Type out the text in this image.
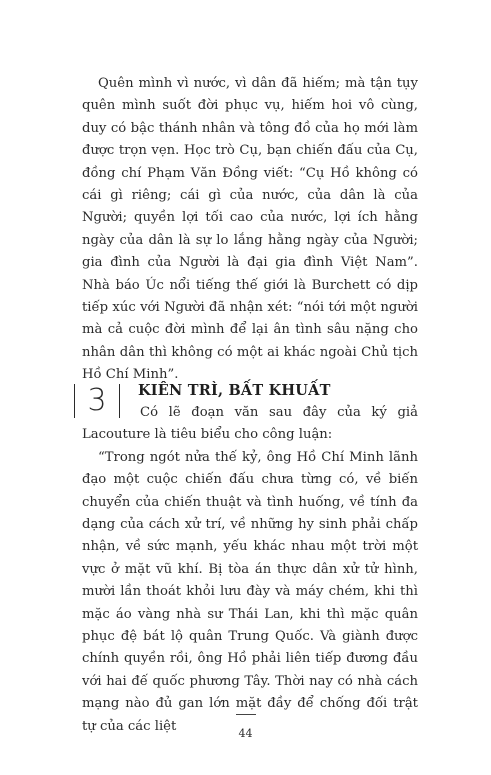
Quên mình vì nước, vì dân đã hiếm; mà tận tụy quên mình suốt đời phục vụ, hiếm hoi vô cùng, duy có bậc thánh nhân và tông đồ của họ mới làm được trọn vẹn. Học trò Cụ, bạn chiến đấu của Cụ, đồng chí Phạm Văn Đồng viết: “Cụ Hồ không có cái gì riêng; cái gì của nước, của dân là của Người; quyền lợi tối cao của nước, lợi ích hằng ngày của dân là sự lo lắng hằng ngày của Người; gia đình của Người là đại gia đình Việt Nam”. Nhà báo Úc nổi tiếng thế giới là Burchett có dịp tiếp xúc với Người đã nhận xét: “nói tới một người mà cả cuộc đời mình để lại ân tình sâu nặng cho nhân dân thì không có một ai khác ngoài Chủ tịch Hồ Chí Minh”.

3 KIÊN TRÌ, BẤT KHUẤT

Có lẽ đoạn văn sau đây của ký giả Lacouture là tiêu biểu cho công luận:

“Trong ngót nửa thế kỷ, ông Hồ Chí Minh lãnh đạo một cuộc chiến đấu chưa từng có, về biến chuyển của chiến thuật và tình huống, về tính đa dạng của cách xử trí, về những hy sinh phải chấp nhận, về sức mạnh, yếu khác nhau một trời một vực ở mặt vũ khí. Bị tòa án thực dân xử tử hình, mười lần thoát khỏi lưu đày và máy chém, khi thì mặc áo vàng nhà sư Thái Lan, khi thì mặc quân phục đệ bát lộ quân Trung Quốc. Và giành được chính quyền rồi, ông Hồ phải liên tiếp đương đầu với hai đế quốc phương Tây. Thời nay có nhà cách mạng nào đủ gan lớn mặt đầy để chống đối trật tự của các liệt	44
